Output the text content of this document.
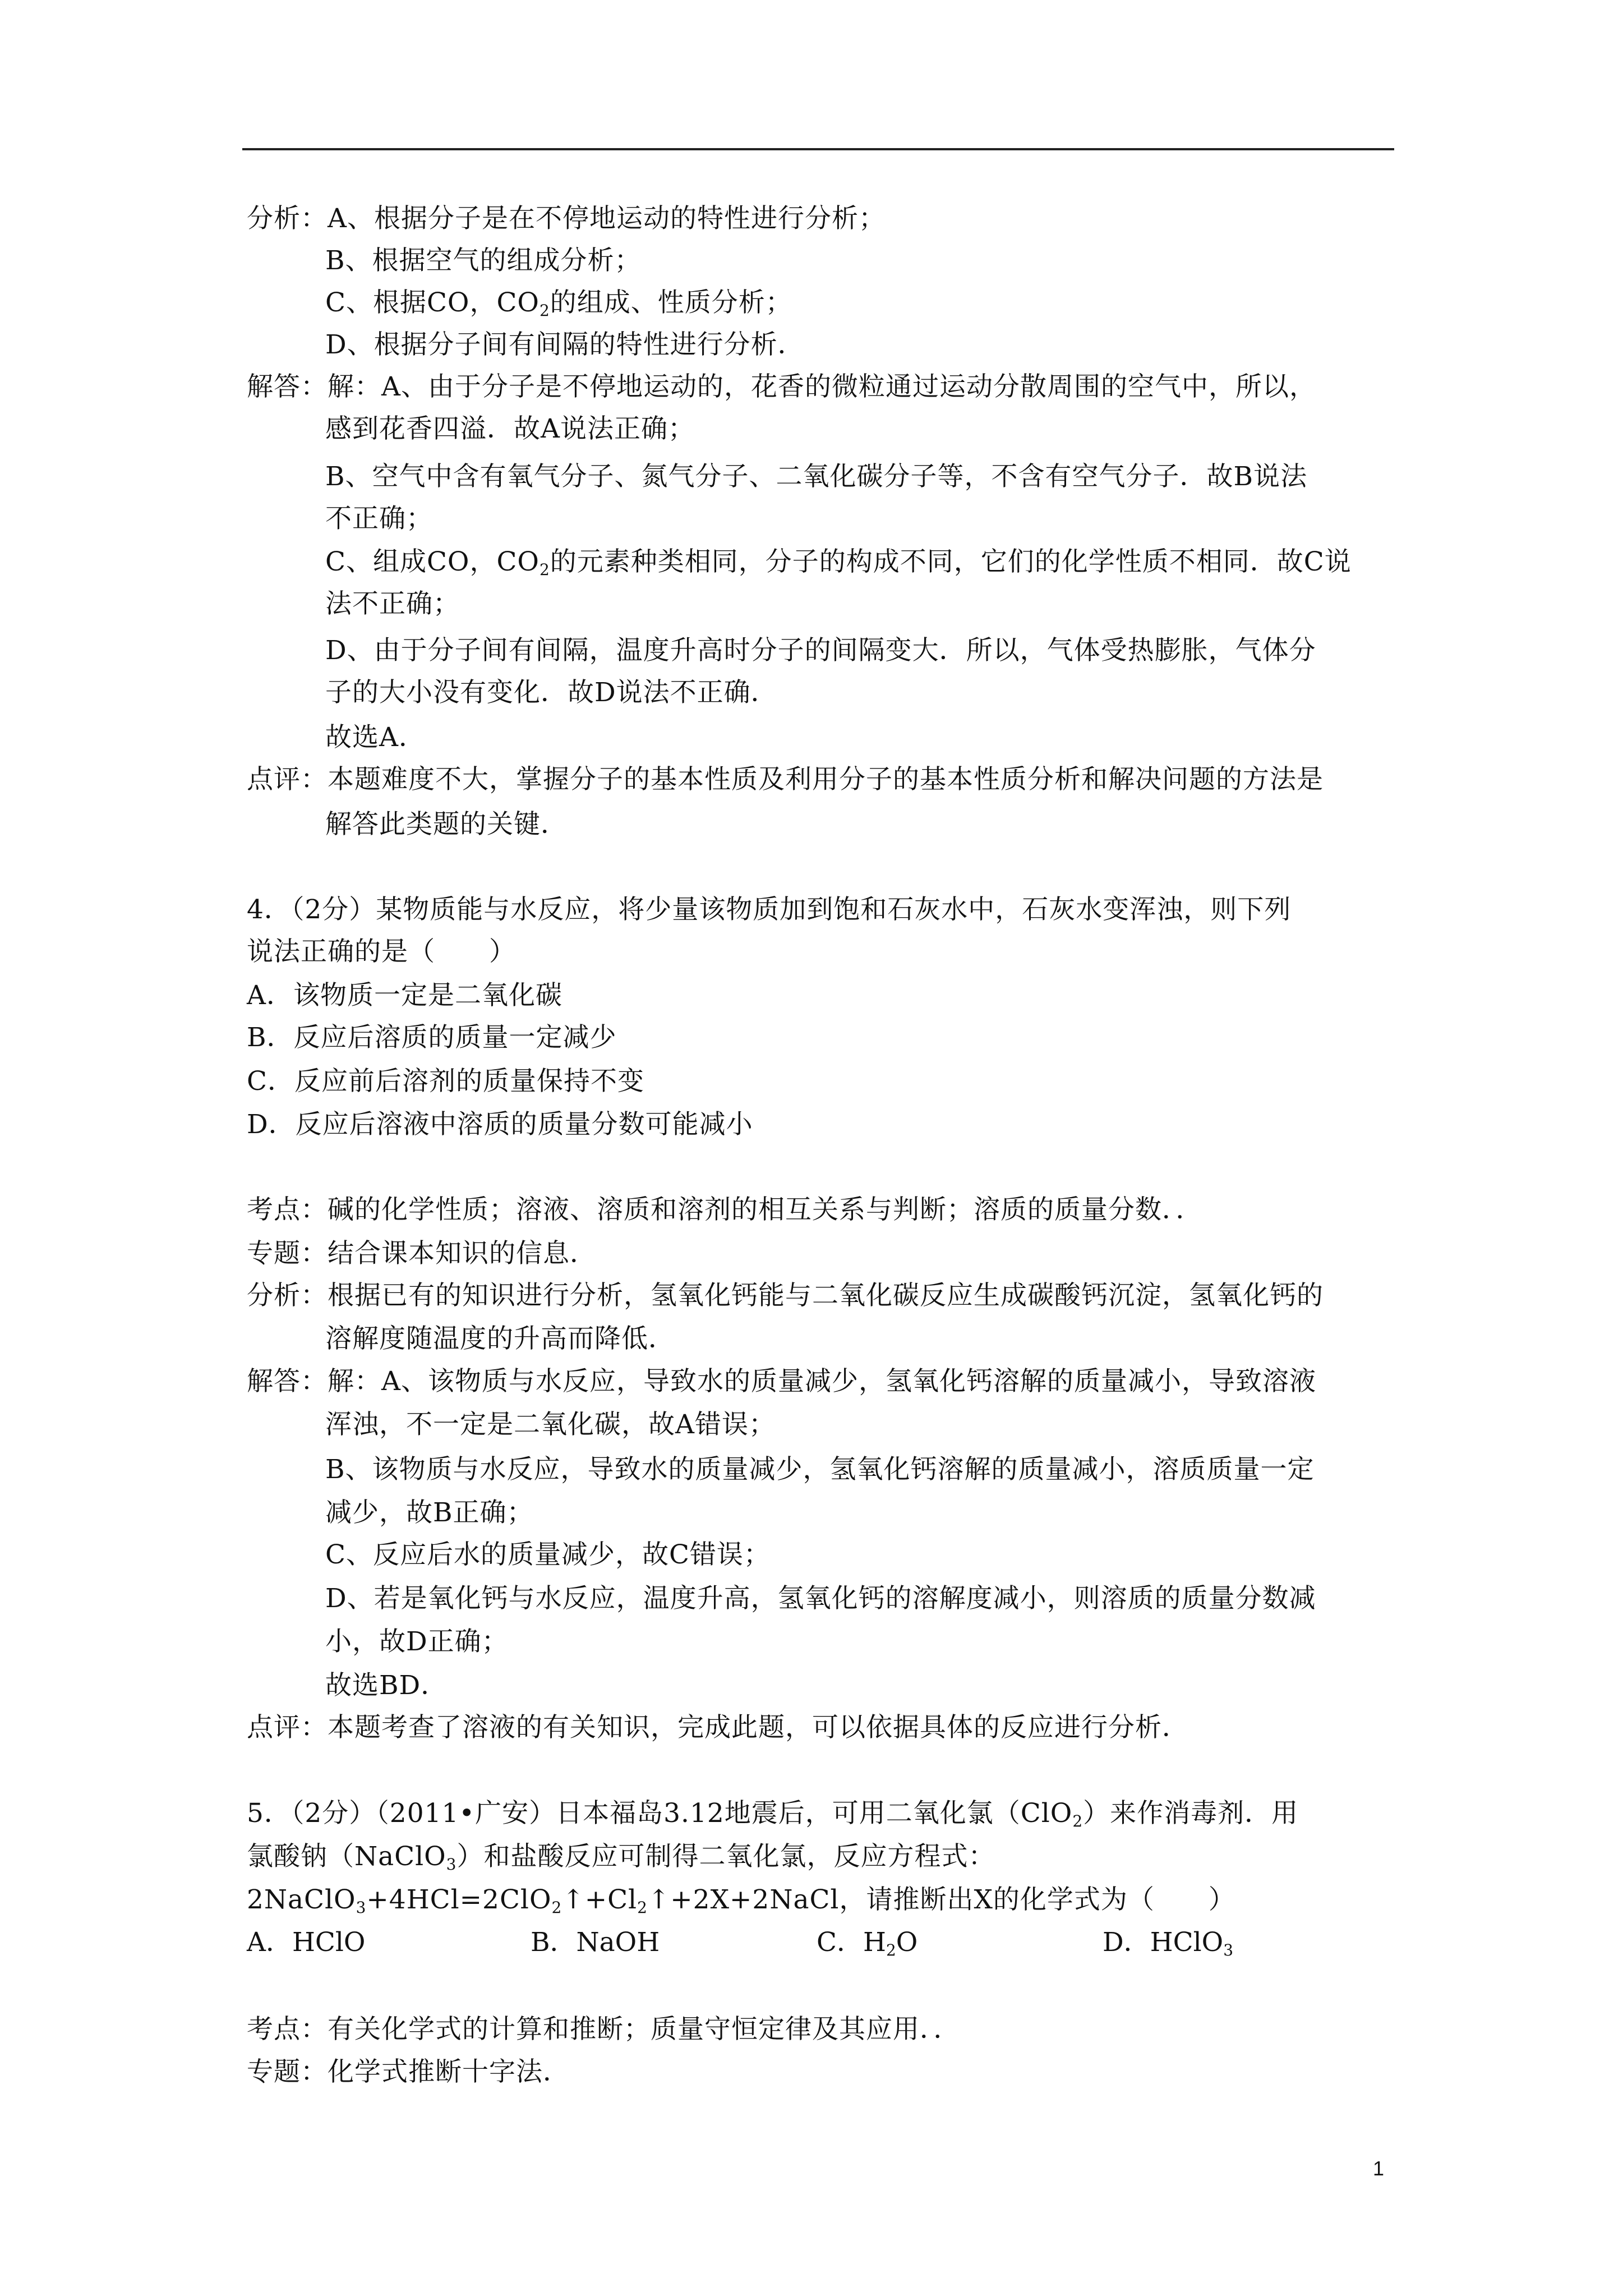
分析：A、根据分子是在不停地运动的特性进行分析；
B、根据空气的组成分析；
C、根据CO，$CO_2$的组成、性质分析；
D、根据分子间有间隔的特性进行分析．
解答：解：A、由于分子是不停地运动的，花香的微粒通过运动分散周围的空气中，所以，
感到花香四溢．故A说法正确；
B、空气中含有氧气分子、氮气分子、二氧化碳分子等，不含有空气分子．故B说法
不正确；
C、组成CO，$CO_2$的元素种类相同，分子的构成不同，它们的化学性质不相同．故C说
法不正确；
D、由于分子间有间隔，温度升高时分子的间隔变大．所以，气体受热膨胀，气体分
子的大小没有变化．故D说法不正确．
故选A．
点评：本题难度不大，掌握分子的基本性质及利用分子的基本性质分析和解决问题的方法是
解答此类题的关键．
4．（2分）某物质能与水反应，将少量该物质加到饱和石灰水中，石灰水变浑浊，则下列
说法正确的是（　　）
A．该物质一定是二氧化碳
B．反应后溶质的质量一定减少
C．反应前后溶剂的质量保持不变
D．反应后溶液中溶质的质量分数可能减小
考点：碱的化学性质；溶液、溶质和溶剂的相互关系与判断；溶质的质量分数．．
专题：结合课本知识的信息．
分析：根据已有的知识进行分析，氢氧化钙能与二氧化碳反应生成碳酸钙沉淀，氢氧化钙的
溶解度随温度的升高而降低．
解答：解：A、该物质与水反应，导致水的质量减少，氢氧化钙溶解的质量减小，导致溶液
浑浊，不一定是二氧化碳，故A错误；
B、该物质与水反应，导致水的质量减少，氢氧化钙溶解的质量减小，溶质质量一定
减少，故B正确；
C、反应后水的质量减少，故C错误；
D、若是氧化钙与水反应，温度升高，氢氧化钙的溶解度减小，则溶质的质量分数减
小，故D正确；
故选BD．
点评：本题考查了溶液的有关知识，完成此题，可以依据具体的反应进行分析．
5．（2分）（2011•广安）日本福岛3.12地震后，可用二氧化氯（ClO$_2$）来作消毒剂．用
氯酸钠（NaClO$_3$）和盐酸反应可制得二氧化氯，反应方程式：
$2NaClO_3+4HCl=2ClO_2↑+Cl_2↑+2X+2NaCl$，请推断出X的化学式为（　　）
A．HClO	B．NaOH	C．$H_2O$	D．HClO$_3$
考点：有关化学式的计算和推断；质量守恒定律及其应用．．
专题：化学式推断十字法．
1
